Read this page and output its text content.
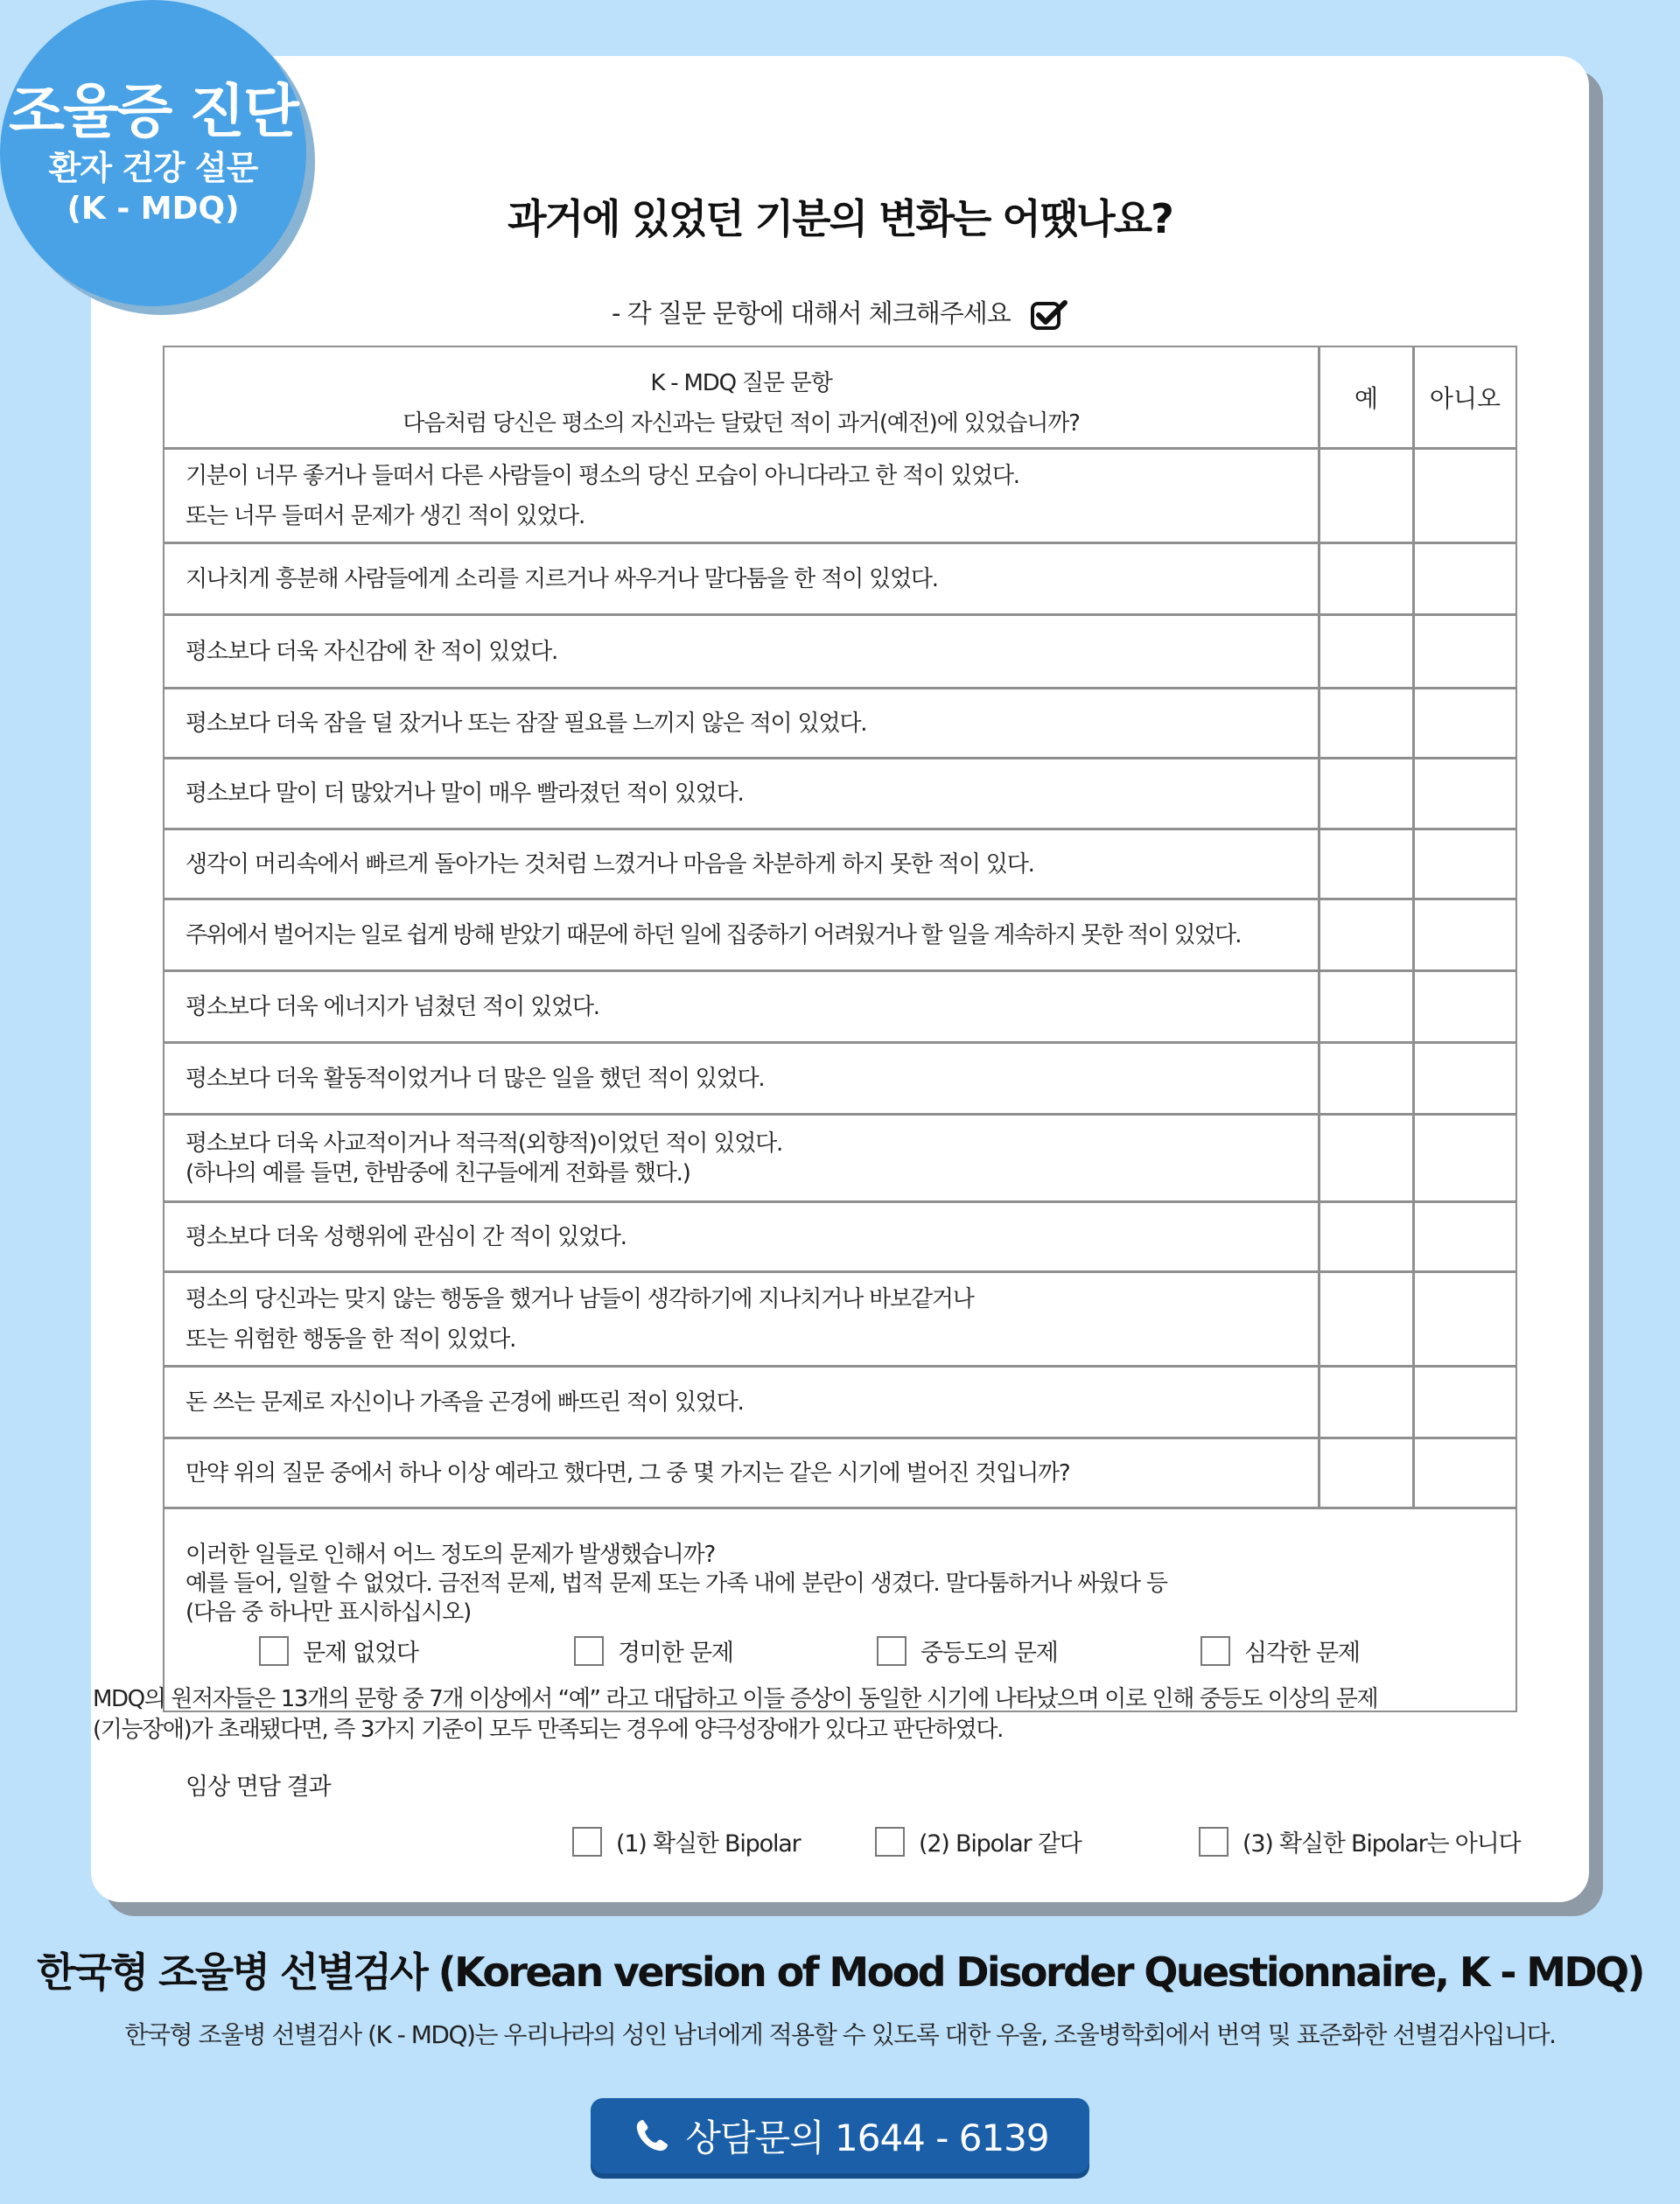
조울증 진단
환자 건강 설문
(K - MDQ)	과거에 있었던 기분의 변화는 어땠나요?
- 각 질문 문항에 대해서 체크해주세요
K - MDQ 질문 문항
다음처럼 당신은 평소의 자신과는 달랐던 적이 과거(예전)에 있었습니까?
예	아니오
기분이 너무 좋거나 들떠서 다른 사람들이 평소의 당신 모습이 아니다라고 한 적이 있었다.
또는 너무 들떠서 문제가 생긴 적이 있었다.
지나치게 흥분해 사람들에게 소리를 지르거나 싸우거나 말다툼을 한 적이 있었다.
평소보다 더욱 자신감에 찬 적이 있었다.
평소보다 더욱 잠을 덜 잤거나 또는 잠잘 필요를 느끼지 않은 적이 있었다.
평소보다 말이 더 많았거나 말이 매우 빨라졌던 적이 있었다.
생각이 머리속에서 빠르게 돌아가는 것처럼 느꼈거나 마음을 차분하게 하지 못한 적이 있다.
주위에서 벌어지는 일로 쉽게 방해 받았기 때문에 하던 일에 집중하기 어려웠거나 할 일을 계속하지 못한 적이 있었다.
평소보다 더욱 에너지가 넘쳤던 적이 있었다.
평소보다 더욱 활동적이었거나 더 많은 일을 했던 적이 있었다.
평소보다 더욱 사교적이거나 적극적(외향적)이었던 적이 있었다.
(하나의 예를 들면, 한밤중에 친구들에게 전화를 했다.)
평소보다 더욱 성행위에 관심이 간 적이 있었다.
평소의 당신과는 맞지 않는 행동을 했거나 남들이 생각하기에 지나치거나 바보같거나
또는 위험한 행동을 한 적이 있었다.
돈 쓰는 문제로 자신이나 가족을 곤경에 빠뜨린 적이 있었다.
만약 위의 질문 중에서 하나 이상 예라고 했다면, 그 중 몇 가지는 같은 시기에 벌어진 것입니까?
이러한 일들로 인해서 어느 정도의 문제가 발생했습니까?
예를 들어, 일할 수 없었다. 금전적 문제, 법적 문제 또는 가족 내에 분란이 생겼다. 말다툼하거나 싸웠다 등
(다음 중 하나만 표시하십시오)
문제 없었다	경미한 문제	중등도의 문제	심각한 문제
MDQ의 원저자들은 13개의 문항 중 7개 이상에서 “예” 라고 대답하고 이들 증상이 동일한 시기에 나타났으며 이로 인해 중등도 이상의 문제
(기능장애)가 초래됐다면, 즉 3가지 기준이 모두 만족되는 경우에 양극성장애가 있다고 판단하였다.
임상 면담 결과
(1) 확실한 Bipolar	(2) Bipolar 같다	(3) 확실한 Bipolar는 아니다
한국형 조울병 선별검사 (Korean version of Mood Disorder Questionnaire, K - MDQ)
한국형 조울병 선별검사 (K - MDQ)는 우리나라의 성인 남녀에게 적용할 수 있도록 대한 우울, 조울병학회에서 번역 및 표준화한 선별검사입니다.
상담문의 1644 - 6139
